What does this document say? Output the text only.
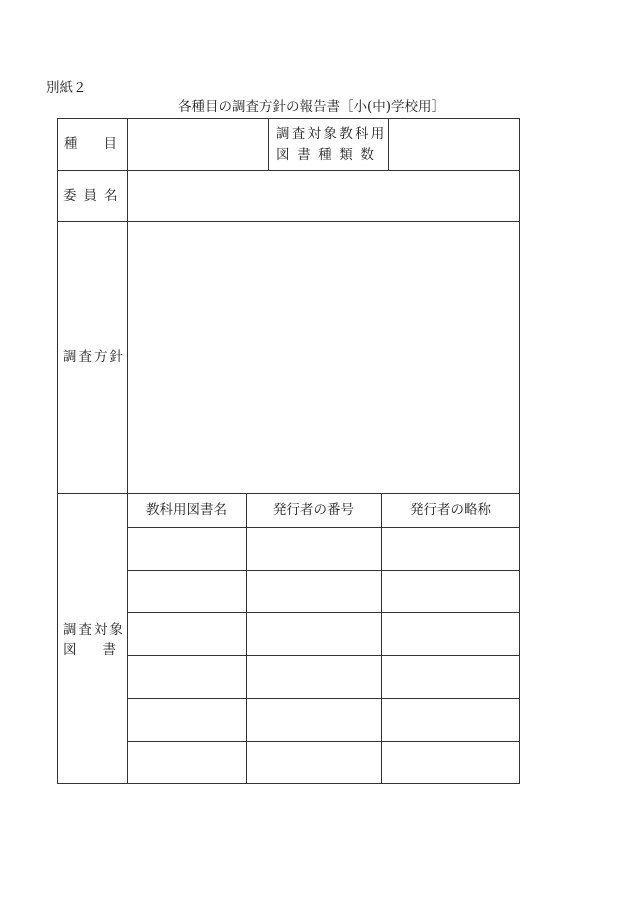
別紙２
各種目の調査方針の報告書［小(中)学校用］
種目
調査対象教科用
図書種類数
委員名
調査方針
調査対象
図書
教科用図書名	発行者の番号	発行者の略称
